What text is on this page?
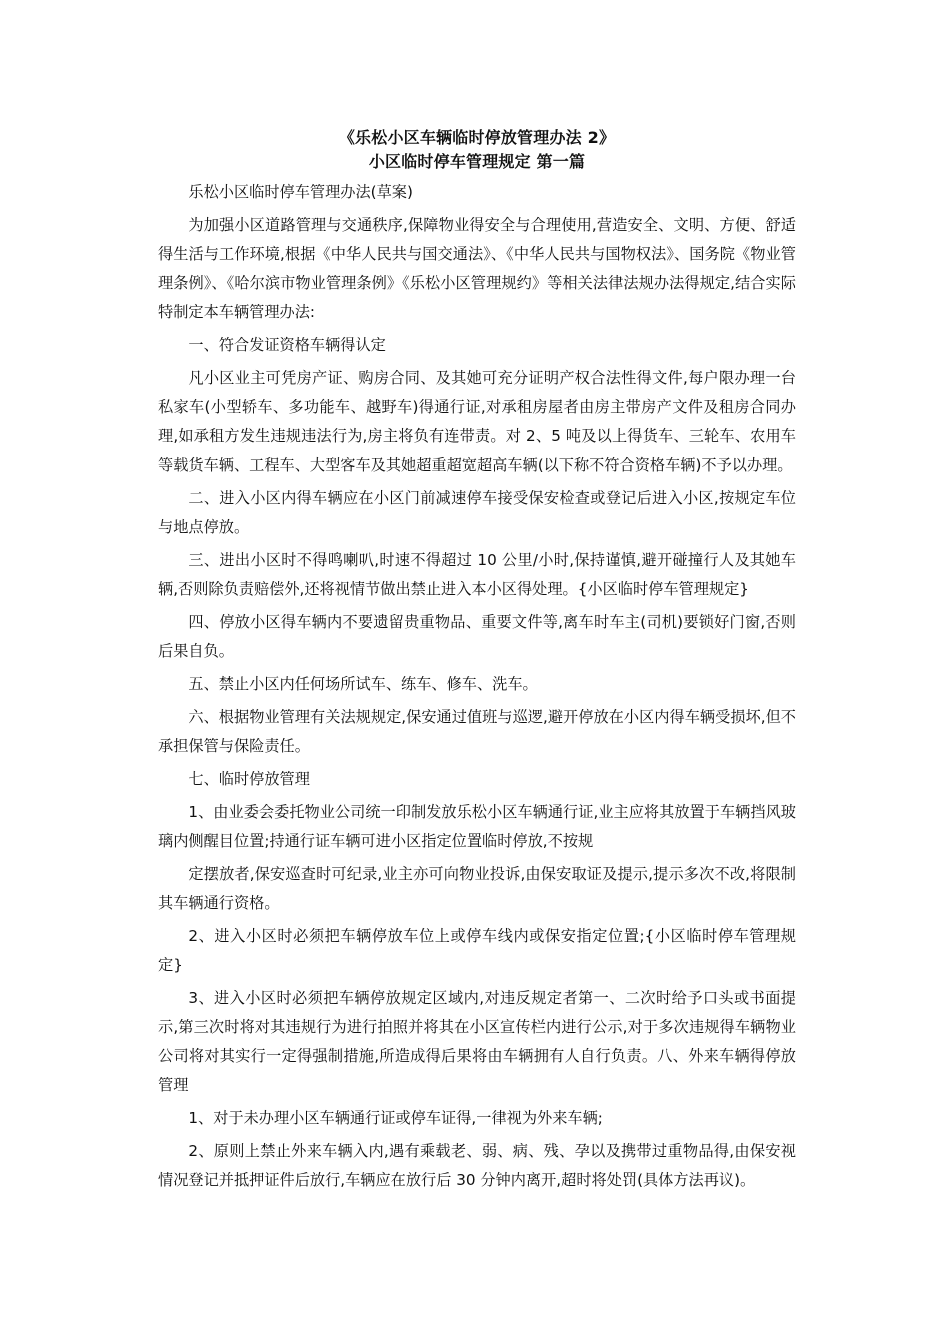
《乐松小区车辆临时停放管理办法 2》

小区临时停车管理规定 第一篇

乐松小区临时停车管理办法(草案)

为加强小区道路管理与交通秩序,保障物业得安全与合理使用,营造安全、文明、方便、舒适得生活与工作环境,根据《中华人民共与国交通法》、《中华人民共与国物权法》、国务院《物业管理条例》、《哈尔滨市物业管理条例》《乐松小区管理规约》等相关法律法规办法得规定,结合实际特制定本车辆管理办法:

一、符合发证资格车辆得认定

凡小区业主可凭房产证、购房合同、及其她可充分证明产权合法性得文件,每户限办理一台私家车(小型轿车、多功能车、越野车)得通行证,对承租房屋者由房主带房产文件及租房合同办理,如承租方发生违规违法行为,房主将负有连带责。对 2、5 吨及以上得货车、三轮车、农用车等载货车辆、工程车、大型客车及其她超重超宽超高车辆(以下称不符合资格车辆)不予以办理。

二、进入小区内得车辆应在小区门前减速停车接受保安检查或登记后进入小区,按规定车位与地点停放。

三、进出小区时不得鸣喇叭,时速不得超过 10 公里/小时,保持谨慎,避开碰撞行人及其她车辆,否则除负责赔偿外,还将视情节做出禁止进入本小区得处理。{小区临时停车管理规定}

四、停放小区得车辆内不要遗留贵重物品、重要文件等,离车时车主(司机)要锁好门窗,否则后果自负。

五、禁止小区内任何场所试车、练车、修车、洗车。

六、根据物业管理有关法规规定,保安通过值班与巡逻,避开停放在小区内得车辆受损坏,但不承担保管与保险责任。

七、临时停放管理

1、由业委会委托物业公司统一印制发放乐松小区车辆通行证,业主应将其放置于车辆挡风玻璃内侧醒目位置;持通行证车辆可进小区指定位置临时停放,不按规

定摆放者,保安巡查时可纪录,业主亦可向物业投诉,由保安取证及提示,提示多次不改,将限制其车辆通行资格。

2、进入小区时必须把车辆停放车位上或停车线内或保安指定位置;{小区临时停车管理规定}

3、进入小区时必须把车辆停放规定区域内,对违反规定者第一、二次时给予口头或书面提示,第三次时将对其违规行为进行拍照并将其在小区宣传栏内进行公示,对于多次违规得车辆物业公司将对其实行一定得强制措施,所造成得后果将由车辆拥有人自行负责。八、外来车辆得停放管理

1、对于未办理小区车辆通行证或停车证得,一律视为外来车辆;

2、原则上禁止外来车辆入内,遇有乘载老、弱、病、残、孕以及携带过重物品得,由保安视情况登记并抵押证件后放行,车辆应在放行后 30 分钟内离开,超时将处罚(具体方法再议)。
